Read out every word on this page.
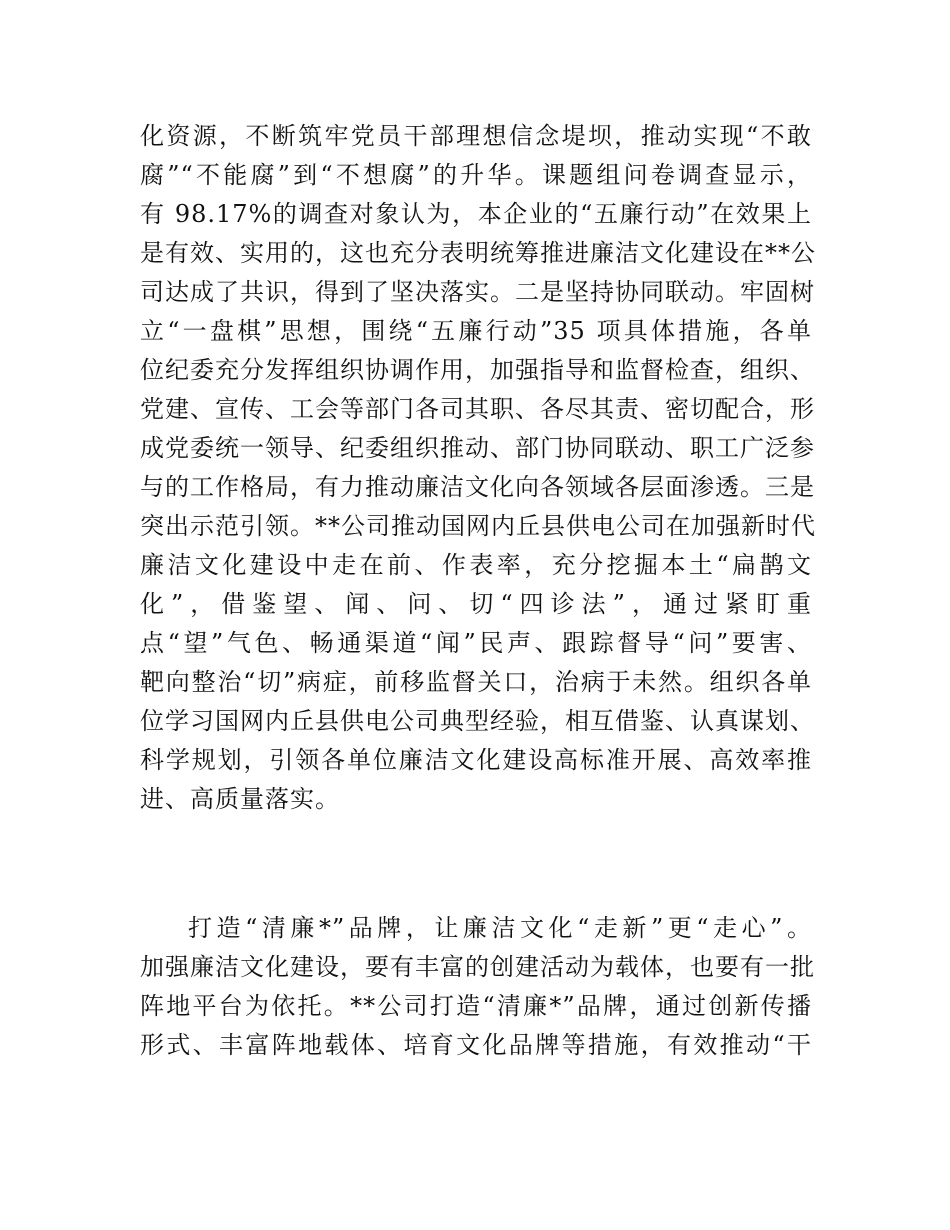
化资源，不断筑牢党员干部理想信念堤坝，推动实现“不敢
腐”“不能腐”到“不想腐”的升华。课题组问卷调查显示，
有 98.17%的调查对象认为，本企业的“五廉行动”在效果上
是有效、实用的，这也充分表明统筹推进廉洁文化建设在**公
司达成了共识，得到了坚决落实。二是坚持协同联动。牢固树
立“一盘棋”思想，围绕“五廉行动”35 项具体措施，各单
位纪委充分发挥组织协调作用，加强指导和监督检查，组织、
党建、宣传、工会等部门各司其职、各尽其责、密切配合，形
成党委统一领导、纪委组织推动、部门协同联动、职工广泛参
与的工作格局，有力推动廉洁文化向各领域各层面渗透。三是
突出示范引领。**公司推动国网内丘县供电公司在加强新时代
廉洁文化建设中走在前、作表率，充分挖掘本土“扁鹊文
化”，借鉴望、闻、问、切“四诊法”，通过紧盯重
点“望”气色、畅通渠道“闻”民声、跟踪督导“问”要害、
靶向整治“切”病症，前移监督关口，治病于未然。组织各单
位学习国网内丘县供电公司典型经验，相互借鉴、认真谋划、
科学规划，引领各单位廉洁文化建设高标准开展、高效率推
进、高质量落实。
打造“清廉*”品牌，让廉洁文化“走新”更“走心”。
加强廉洁文化建设，要有丰富的创建活动为载体，也要有一批
阵地平台为依托。**公司打造“清廉*”品牌，通过创新传播
形式、丰富阵地载体、培育文化品牌等措施，有效推动“干
